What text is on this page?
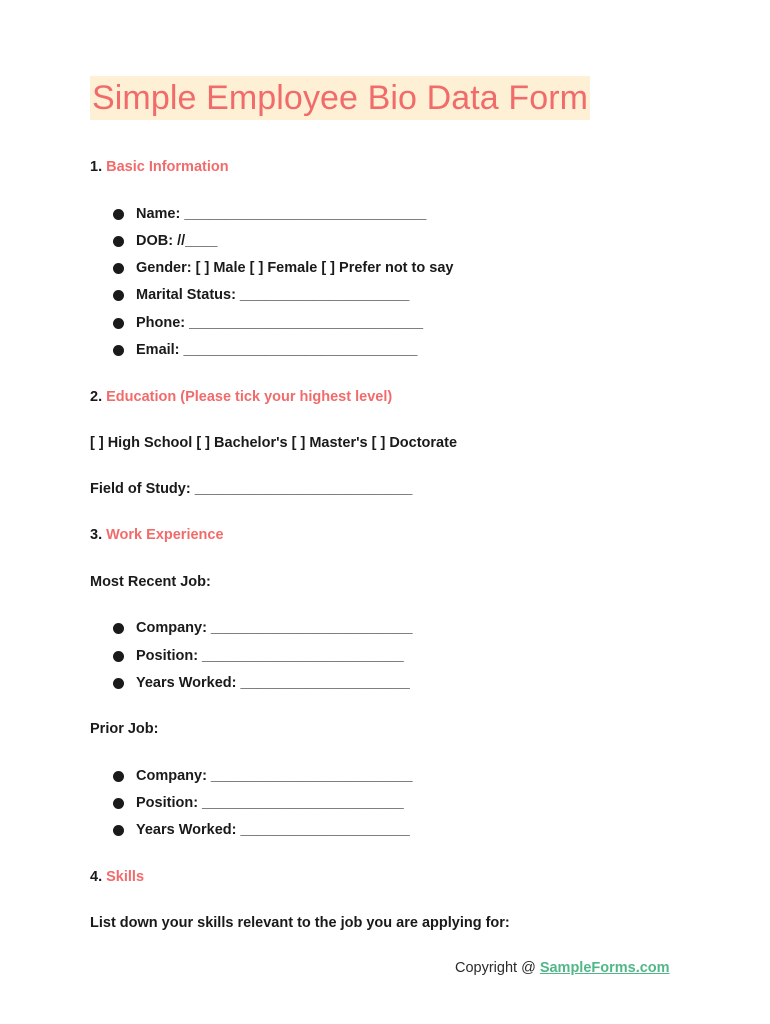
Simple Employee Bio Data Form
1. Basic Information
Name: ______________________________
DOB: //____
Gender: [ ] Male [ ] Female [ ] Prefer not to say
Marital Status: _____________________
Phone: _____________________________
Email: _____________________________
2. Education (Please tick your highest level)
[ ] High School [ ] Bachelor's [ ] Master's [ ] Doctorate
Field of Study: ___________________________
3. Work Experience
Most Recent Job:
Company: _________________________
Position: _________________________
Years Worked: _____________________
Prior Job:
Company: _________________________
Position: _________________________
Years Worked: _____________________
4. Skills
List down your skills relevant to the job you are applying for:
Copyright @ SampleForms.com
